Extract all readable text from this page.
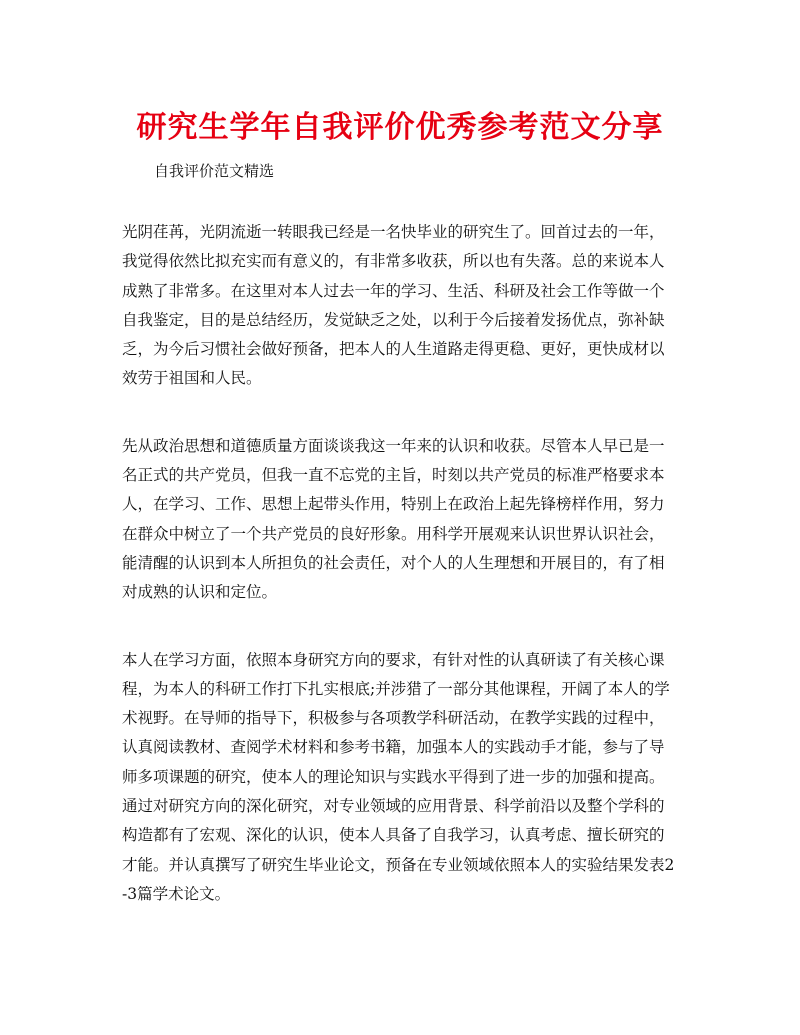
研究生学年自我评价优秀参考范文分享
自我评价范文精选

光阴荏苒，光阴流逝一转眼我已经是一名快毕业的研究生了。回首过去的一年，
我觉得依然比拟充实而有意义的，有非常多收获，所以也有失落。总的来说本人
成熟了非常多。在这里对本人过去一年的学习、生活、科研及社会工作等做一个
自我鉴定，目的是总结经历，发觉缺乏之处，以利于今后接着发扬优点，弥补缺
乏，为今后习惯社会做好预备，把本人的人生道路走得更稳、更好，更快成材以
效劳于祖国和人民。

先从政治思想和道德质量方面谈谈我这一年来的认识和收获。尽管本人早已是一
名正式的共产党员，但我一直不忘党的主旨，时刻以共产党员的标准严格要求本
人，在学习、工作、思想上起带头作用，特别上在政治上起先锋榜样作用，努力
在群众中树立了一个共产党员的良好形象。用科学开展观来认识世界认识社会，
能清醒的认识到本人所担负的社会责任，对个人的人生理想和开展目的，有了相
对成熟的认识和定位。

本人在学习方面，依照本身研究方向的要求，有针对性的认真研读了有关核心课
程，为本人的科研工作打下扎实根底;并涉猎了一部分其他课程，开阔了本人的学
术视野。在导师的指导下，积极参与各项教学科研活动，在教学实践的过程中，
认真阅读教材、查阅学术材料和参考书籍，加强本人的实践动手才能，参与了导
师多项课题的研究，使本人的理论知识与实践水平得到了进一步的加强和提高。
通过对研究方向的深化研究，对专业领域的应用背景、科学前沿以及整个学科的
构造都有了宏观、深化的认识，使本人具备了自我学习，认真考虑、擅长研究的
才能。并认真撰写了研究生毕业论文，预备在专业领域依照本人的实验结果发表2
-3篇学术论文。
